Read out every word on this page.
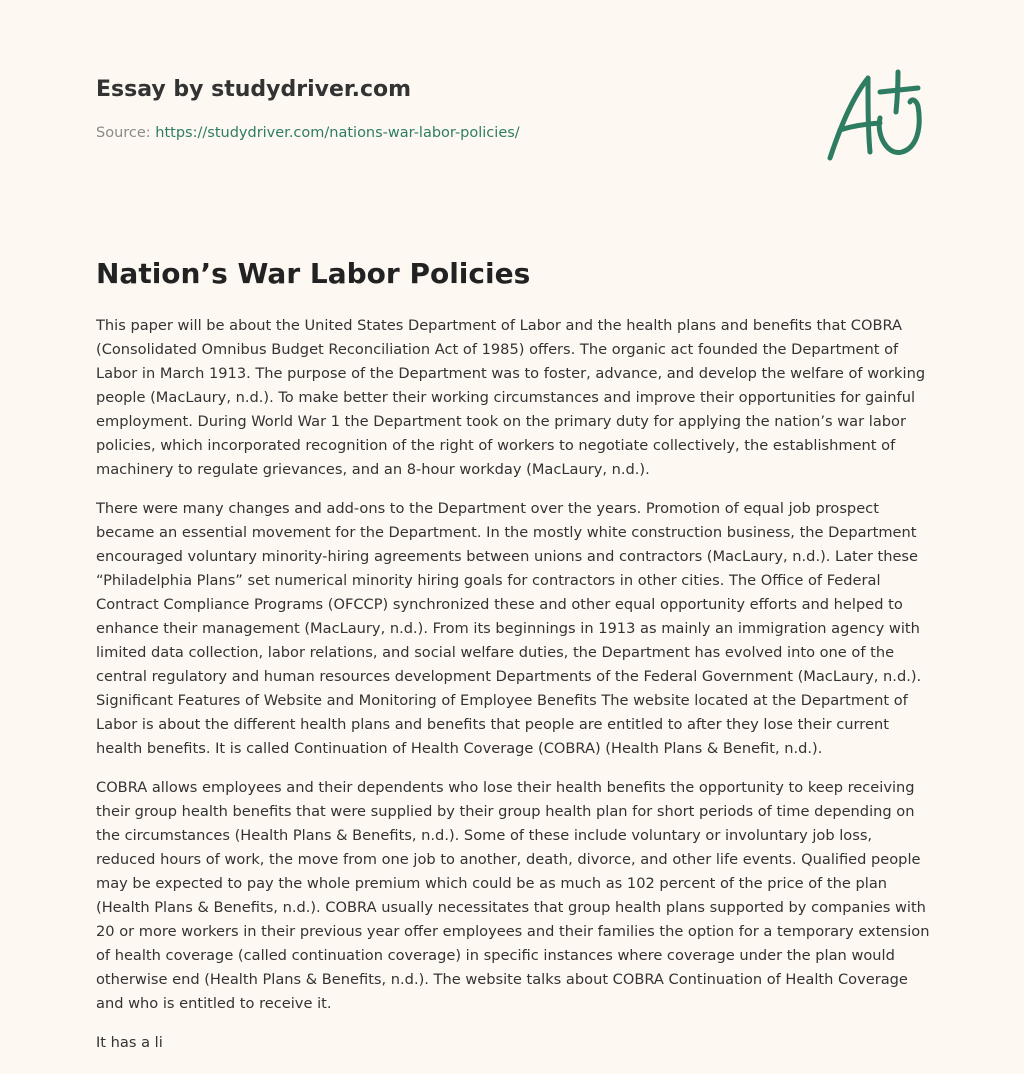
Essay by studydriver.com
Source: https://studydriver.com/nations-war-labor-policies/
Nation’s War Labor Policies

This paper will be about the United States Department of Labor and the health plans and benefits that COBRA (Consolidated Omnibus Budget Reconciliation Act of 1985) offers. The organic act founded the Department of Labor in March 1913. The purpose of the Department was to foster, advance, and develop the welfare of working people (MacLaury, n.d.). To make better their working circumstances and improve their opportunities for gainful employment. During World War 1 the Department took on the primary duty for applying the nation’s war labor policies, which incorporated recognition of the right of workers to negotiate collectively, the establishment of machinery to regulate grievances, and an 8-hour workday (MacLaury, n.d.).

There were many changes and add-ons to the Department over the years. Promotion of equal job prospect became an essential movement for the Department. In the mostly white construction business, the Department encouraged voluntary minority-hiring agreements between unions and contractors (MacLaury, n.d.). Later these “Philadelphia Plans” set numerical minority hiring goals for contractors in other cities. The Office of Federal Contract Compliance Programs (OFCCP) synchronized these and other equal opportunity efforts and helped to enhance their management (MacLaury, n.d.). From its beginnings in 1913 as mainly an immigration agency with limited data collection, labor relations, and social welfare duties, the Department has evolved into one of the central regulatory and human resources development Departments of the Federal Government (MacLaury, n.d.). Significant Features of Website and Monitoring of Employee Benefits The website located at the Department of Labor is about the different health plans and benefits that people are entitled to after they lose their current health benefits. It is called Continuation of Health Coverage (COBRA) (Health Plans & Benefit, n.d.).

COBRA allows employees and their dependents who lose their health benefits the opportunity to keep receiving their group health benefits that were supplied by their group health plan for short periods of time depending on the circumstances (Health Plans & Benefits, n.d.). Some of these include voluntary or involuntary job loss, reduced hours of work, the move from one job to another, death, divorce, and other life events. Qualified people may be expected to pay the whole premium which could be as much as 102 percent of the price of the plan (Health Plans & Benefits, n.d.). COBRA usually necessitates that group health plans supported by companies with 20 or more workers in their previous year offer employees and their families the option for a temporary extension of health coverage (called continuation coverage) in specific instances where coverage under the plan would otherwise end (Health Plans & Benefits, n.d.). The website talks about COBRA Continuation of Health Coverage and who is entitled to receive it.

It has a li
